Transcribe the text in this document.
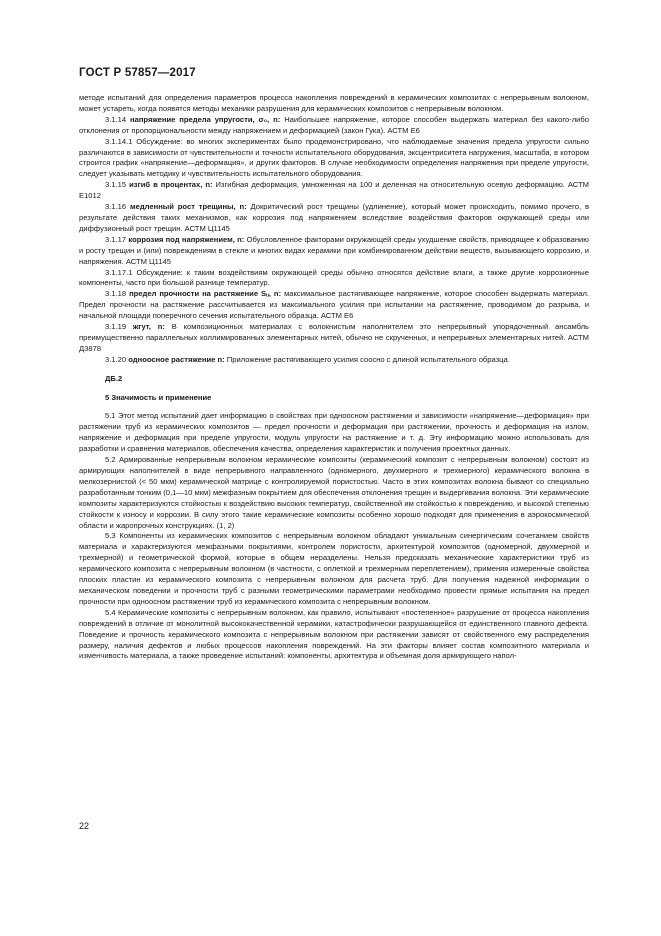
ГОСТ Р 57857—2017

методе испытаний для определения параметров процесса накопления повреждений в керамических композитах с непрерывным волокном, может устареть, когда появятся методы механики разрушения для керамических композитов с непрерывным волокном.

3.1.14 напряжение предела упругости, σ₀, n: Наибольшее напряжение, которое способен выдержать материал без какого-либо отклонения от пропорциональности между напряжением и деформацией (закон Гука). АСТМ Е6

3.1.14.1 Обсуждение: во многих экспериментах было продемонстрировано, что наблюдаемые значения предела упругости сильно различаются в зависимости от чувствительности и точности испытательного оборудования, эксцентриситета нагружения, масштаба, в котором строится график «напряжение—деформация», и других факторов. В случае необходимости определения напряжения при пределе упругости, следует указывать методику и чувствительность испытательного оборудования.

3.1.15 изгиб в процентах, n: Изгибная деформация, умноженная на 100 и деленная на относительную осевую деформацию. АСТМ Е1012

3.1.16 медленный рост трещины, n: Докритический рост трещины (удлинение), который может происходить, помимо прочего, в результате действия таких механизмов, как коррозия под напряжением вследствие воздействия факторов окружающей среды или диффузионный рост трещин. АСТМ Ц1145

3.1.17 коррозия под напряжением, n: Обусловленное факторами окружающей среды ухудшение свойств, приводящее к образованию и росту трещин и (или) повреждениям в стекле и многих видах керамики при комбинированном действии веществ, вызывающего коррозию, и напряжения. АСТМ Ц1145

3.1.17.1 Обсуждение: к таким воздействиям окружающей среды обычно относятся действие влаги, а также другие коррозионные компоненты, часто при большой разнице температур.

3.1.18 предел прочности на растяжение Sᵤ, n: максимальное растягивающее напряжение, которое способен выдержать материал. Предел прочности на растяжение рассчитывается из максимального усилия при испытании на растяжение, проводимом до разрыва, и начальной площади поперечного сечения испытательного образца. АСТМ Е6

3.1.19 жгут, n: В композиционных материалах с волокнистым наполнителем это непрерывный упорядоченный ансамбль преимущественно параллельных коллимированных элементарных нитей, обычно не скрученных, и непрерывных элементарных нитей. АСТМ Д3878

3.1.20 одноосное растяжение n: Приложение растягивающего усилия соосно с длиной испытательного образца.

ДБ.2
5 Значимость и применение

5.1 Этот метод испытаний дает информацию о свойствах при одноосном растяжении и зависимости «напряжение—деформация» при растяжении труб из керамических композитов — предел прочности и деформация при растяжении, прочность и деформация на излом, напряжение и деформация при пределе упругости, модуль упругости на растяжение и т. д. Эту информацию можно использовать для разработки и сравнения материалов, обеспечения качества, определения характеристик и получения проектных данных.

5.2 Армированные непрерывным волокном керамические композиты (керамический композит с непрерывным волокном) состоят из армирующих наполнителей в виде непрерывного направленного (одномерного, двухмерного и трехмерного) керамического волокна в мелкозернистой (< 50 мкм) керамической матрице с контролируемой пористостью. Часто в этих композитах волокна бывают со специально разработанным тонким (0,1—10 мкм) межфазным покрытием для обеспечения отклонения трещин и выдергивания волокна. Эти керамические композиты характеризуются стойкостью к воздействию высоких температур, свойственной им стойкостью к повреждению, и высокой степенью стойкости к износу и коррозии. В силу этого такие керамические композиты особенно хорошо подходят для применения в аэрокосмической области и жаропрочных конструкциях. (1, 2)

5.3 Компоненты из керамических композитов с непрерывным волокном обладают уникальным синергическим сочетанием свойств материала и характеризуются межфазными покрытиями, контролем пористости, архитектурой композитов (одномерной, двухмерной и трехмерной) и геометрической формой, которые в общем неразделены. Нельзя предсказать механические характеристики труб из керамического композита с непрерывным волокном (в частности, с оплеткой и трехмерным переплетением), применяя измеренные свойства плоских пластин из керамического композита с непрерывным волокном для расчета труб. Для получения надежной информации о механическом поведении и прочности труб с разными геометрическими параметрами необходимо провести прямые испытания на предел прочности при одноосном растяжении труб из керамического композита с непрерывным волокном.

5.4 Керамические композиты с непрерывным волокном, как правило, испытывают «постепенное» разрушение от процесса накопления повреждений в отличие от монолитной высококачественной керамики, катастрофически разрушающейся от единственного главного дефекта. Поведение и прочность керамического композита с непрерывным волокном при растяжении зависят от свойственного ему распределения размеру, наличия дефектов и любых процессов накопления повреждений. На эти факторы влияет состав композитного материала и изменчивость материала, а также проведение испытаний: компоненты, архитектура и объемная доля армирующего напол-

22
